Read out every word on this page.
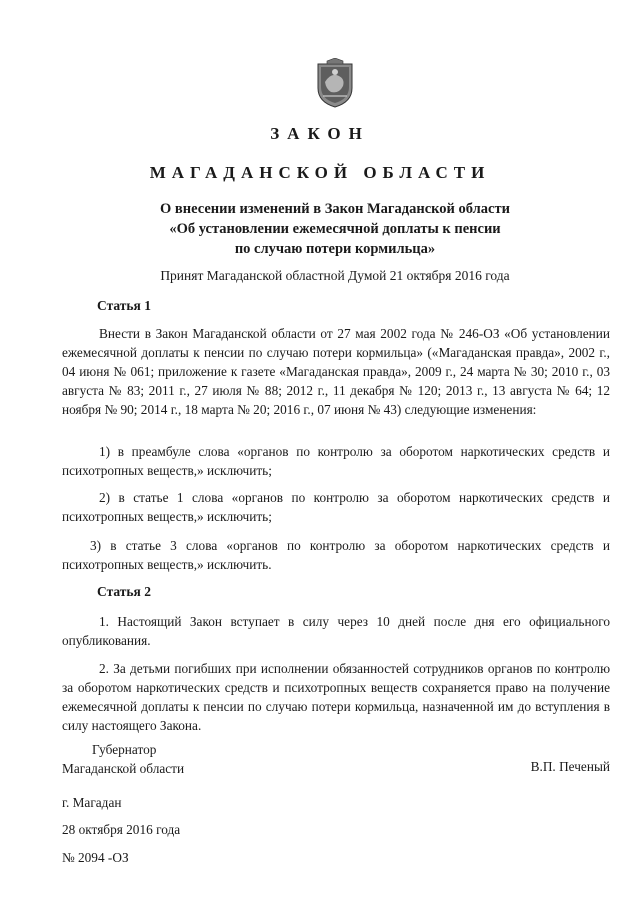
ЗАКОН
МАГАДАНСКОЙ ОБЛАСТИ
О внесении изменений в Закон Магаданской области
«Об установлении ежемесячной доплаты к пенсии
по случаю потери кормильца»
Принят Магаданской областной Думой 21 октября 2016 года
Статья 1
Внести в Закон Магаданской области от 27 мая 2002 года № 246-ОЗ «Об установлении ежемесячной доплаты к пенсии по случаю потери кормильца» («Магаданская правда», 2002 г., 04 июня № 061; приложение к газете «Магаданская правда», 2009 г., 24 марта № 30; 2010 г., 03 августа № 83; 2011 г., 27 июля № 88; 2012 г., 11 декабря № 120; 2013 г., 13 августа № 64; 12 ноября № 90; 2014 г., 18 марта № 20; 2016 г., 07 июня № 43) следующие изменения:
1) в преамбуле слова «органов по контролю за оборотом наркотических средств и психотропных веществ,» исключить;
2) в статье 1 слова «органов по контролю за оборотом наркотических средств и психотропных веществ,» исключить;
3) в статье 3 слова «органов по контролю за оборотом наркотических средств и психотропных веществ,» исключить.
Статья 2
1. Настоящий Закон вступает в силу через 10 дней после дня его официального опубликования.
2. За детьми погибших при исполнении обязанностей сотрудников органов по контролю за оборотом наркотических средств и психотропных веществ сохраняется право на получение ежемесячной доплаты к пенсии по случаю потери кормильца, назначенной им до вступления в силу настоящего Закона.
Губернатор
Магаданской области	В.П. Печеный
г. Магадан
28 октября 2016 года
№ 2094 -ОЗ
